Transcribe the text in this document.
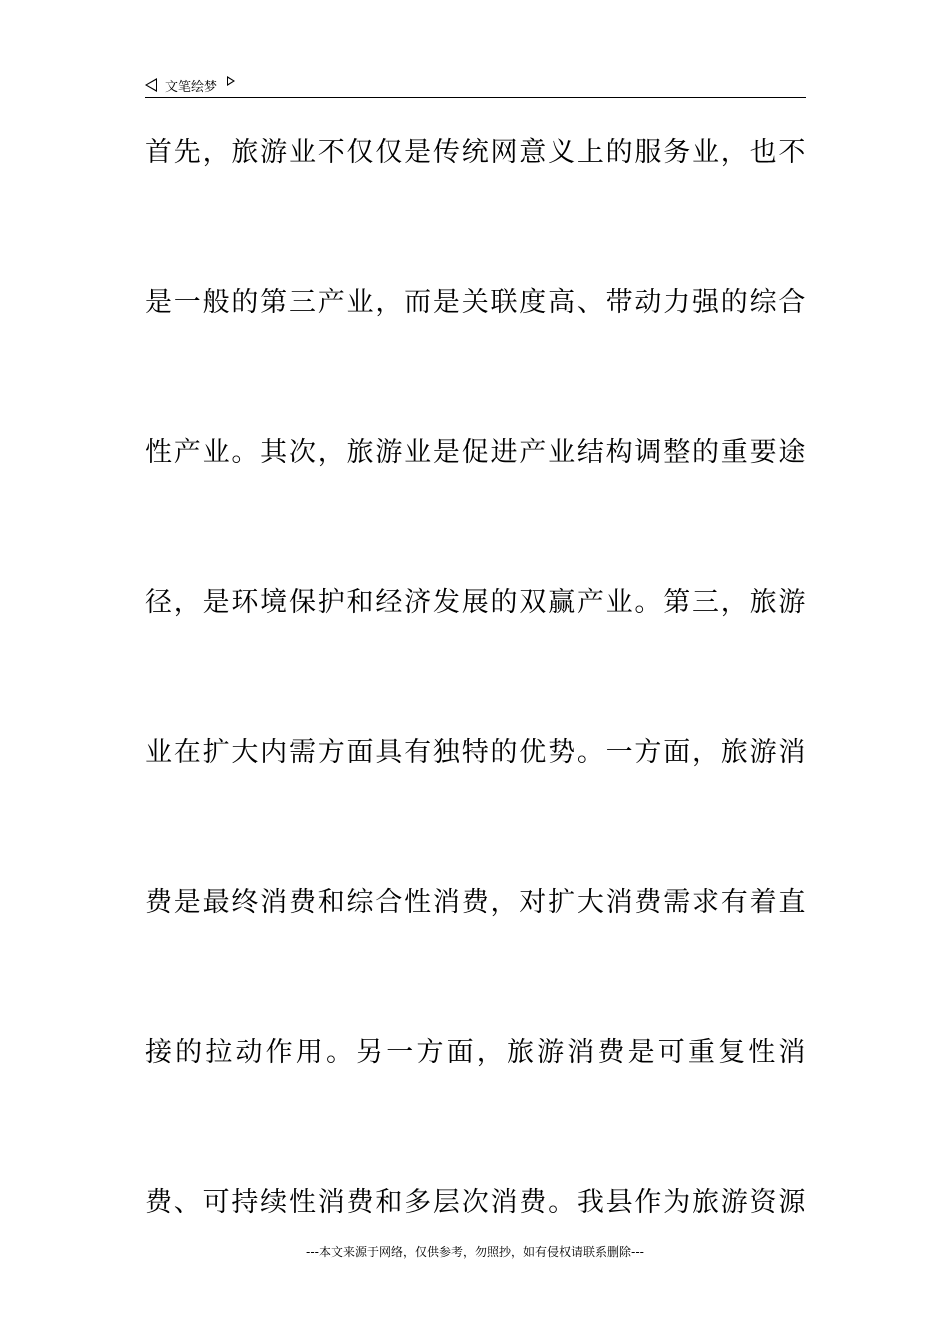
文笔绘梦
首先，旅游业不仅仅是传统网意义上的服务业，也不
是一般的第三产业，而是关联度高、带动力强的综合
性产业。其次，旅游业是促进产业结构调整的重要途
径，是环境保护和经济发展的双赢产业。第三，旅游
业在扩大内需方面具有独特的优势。一方面，旅游消
费是最终消费和综合性消费，对扩大消费需求有着直
接的拉动作用。另一方面，旅游消费是可重复性消
费、可持续性消费和多层次消费。我县作为旅游资源
---本文来源于网络，仅供参考，勿照抄，如有侵权请联系删除---
